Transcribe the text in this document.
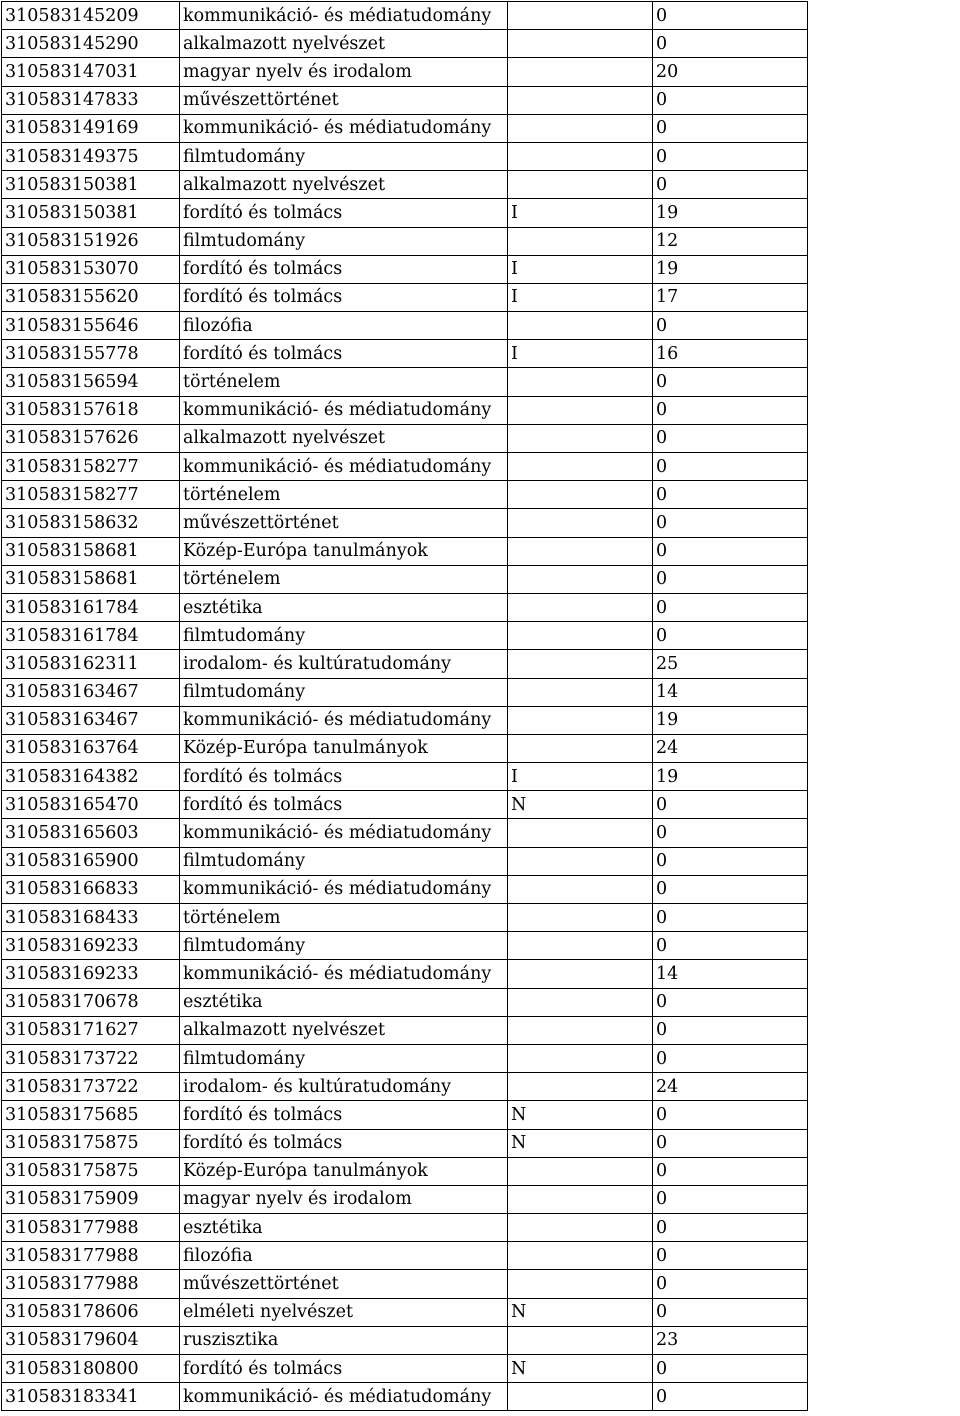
310583145209	kommunikáció- és médiatudomány		0
310583145290	alkalmazott nyelvészet		0
310583147031	magyar nyelv és irodalom		20
310583147833	művészettörténet		0
310583149169	kommunikáció- és médiatudomány		0
310583149375	filmtudomány		0
310583150381	alkalmazott nyelvészet		0
310583150381	fordító és tolmács	I	19
310583151926	filmtudomány		12
310583153070	fordító és tolmács	I	19
310583155620	fordító és tolmács	I	17
310583155646	filozófia		0
310583155778	fordító és tolmács	I	16
310583156594	történelem		0
310583157618	kommunikáció- és médiatudomány		0
310583157626	alkalmazott nyelvészet		0
310583158277	kommunikáció- és médiatudomány		0
310583158277	történelem		0
310583158632	művészettörténet		0
310583158681	Közép-Európa tanulmányok		0
310583158681	történelem		0
310583161784	esztétika		0
310583161784	filmtudomány		0
310583162311	irodalom- és kultúratudomány		25
310583163467	filmtudomány		14
310583163467	kommunikáció- és médiatudomány		19
310583163764	Közép-Európa tanulmányok		24
310583164382	fordító és tolmács	I	19
310583165470	fordító és tolmács	N	0
310583165603	kommunikáció- és médiatudomány		0
310583165900	filmtudomány		0
310583166833	kommunikáció- és médiatudomány		0
310583168433	történelem		0
310583169233	filmtudomány		0
310583169233	kommunikáció- és médiatudomány		14
310583170678	esztétika		0
310583171627	alkalmazott nyelvészet		0
310583173722	filmtudomány		0
310583173722	irodalom- és kultúratudomány		24
310583175685	fordító és tolmács	N	0
310583175875	fordító és tolmács	N	0
310583175875	Közép-Európa tanulmányok		0
310583175909	magyar nyelv és irodalom		0
310583177988	esztétika		0
310583177988	filozófia		0
310583177988	művészettörténet		0
310583178606	elméleti nyelvészet	N	0
310583179604	ruszisztika		23
310583180800	fordító és tolmács	N	0
310583183341	kommunikáció- és médiatudomány		0
